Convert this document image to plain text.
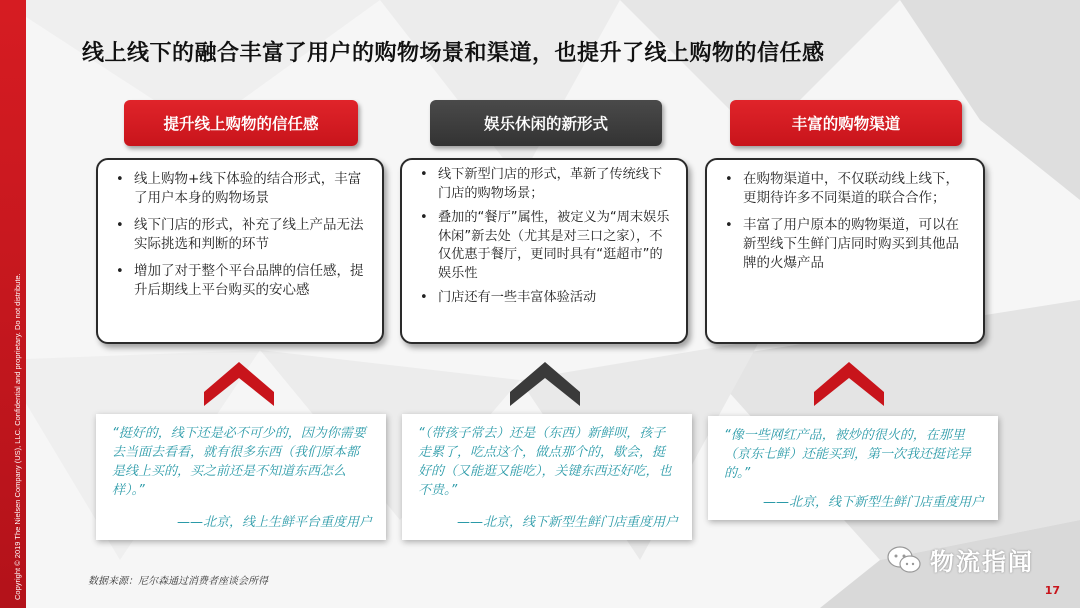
Copyright © 2019 The Nielsen Company (US), LLC. Confidential and proprietary. Do not distribute.
线上线下的融合丰富了用户的购物场景和渠道，也提升了线上购物的信任感
提升线上购物的信任感	娱乐休闲的新形式	丰富的购物渠道
• 线上购物+线下体验的结合形式，丰富了用户本身的购物场景
• 线下门店的形式，补充了线上产品无法实际挑选和判断的环节
• 增加了对于整个平台品牌的信任感，提升后期线上平台购买的安心感
• 线下新型门店的形式，革新了传统线下门店的购物场景；
• 叠加的“餐厅”属性，被定义为“周末娱乐休闲”新去处（尤其是对三口之家），不仅优惠于餐厅，更同时具有“逛超市”的娱乐性
• 门店还有一些丰富体验活动
• 在购物渠道中，不仅联动线上线下，更期待许多不同渠道的联合合作；
• 丰富了用户原本的购物渠道，可以在新型线下生鲜门店同时购买到其他品牌的火爆产品
“挺好的，线下还是必不可少的，因为你需要去当面去看看，就有很多东西（我们原本都是线上买的，买之前还是不知道东西怎么样）。”
——北京，线上生鲜平台重度用户
“（带孩子常去）还是（东西）新鲜呗，孩子走累了，吃点这个，做点那个的，歇会，挺好的（又能逛又能吃），关键东西还好吃，也不贵。”
——北京，线下新型生鲜门店重度用户
“像一些网红产品，被炒的很火的，在那里（京东七鲜）还能买到，第一次我还挺诧异的。”
——北京，线下新型生鲜门店重度用户
数据来源：尼尔森通过消费者座谈会所得
物流指闻
17
